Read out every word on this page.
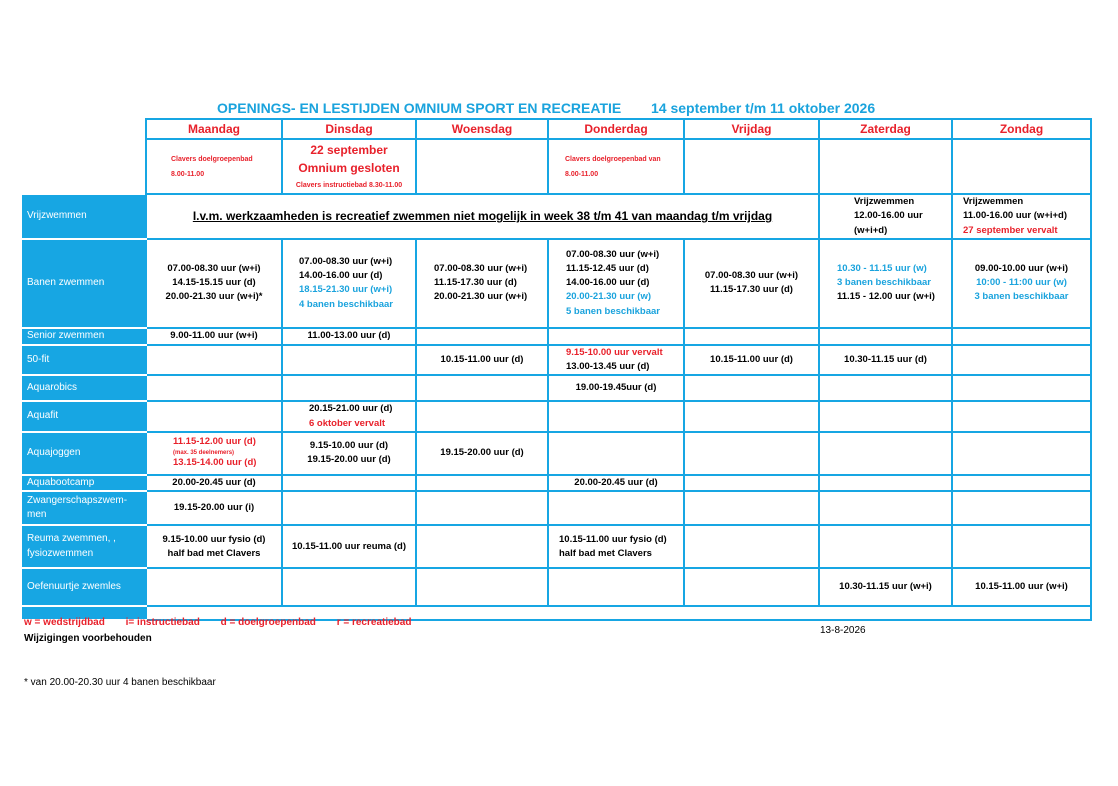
OPENINGS- EN LESTIJDEN OMNIUM SPORT EN RECREATIE 14 september t/m 11 oktober 2026
	Maandag	Dinsdag	Woensdag	Donderdag	Vrijdag	Zaterdag	Zondag
	Clavers doelgroepenbad
8.00-11.00	22 september
Omnium gesloten
Clavers instructiebad 8.30-11.00		Clavers doelgroepenbad van
8.00-11.00			
Vrijzwemmen	I.v.m. werkzaamheden is recreatief zwemmen niet mogelijk in week 38 t/m 41 van maandag t/m vrijdag					Vrijzwemmen
12.00-16.00 uur
(w+i+d)	Vrijzwemmen
11.00-16.00 uur (w+i+d)
27 september vervalt

Banen zwemmen	07.00-08.30 uur (w+i)
14.15-15.15 uur (d)
20.00-21.30 uur (w+i)*	07.00-08.30 uur (w+i)
14.00-16.00 uur (d)
18.15-21.30 uur (w+i)
4 banen beschikbaar	07.00-08.30 uur (w+i)
11.15-17.30 uur (d)
20.00-21.30 uur (w+i)	07.00-08.30 uur (w+i)
11.15-12.45 uur (d)
14.00-16.00 uur (d)
20.00-21.30 uur (w)
5 banen beschikbaar	07.00-08.30 uur (w+i)
11.15-17.30 uur (d)	10.30 - 11.15 uur (w)
3 banen beschikbaar
11.15 - 12.00 uur (w+i)	09.00-10.00 uur (w+i)
10:00 - 11:00 uur (w)
3 banen beschikbaar
Senior zwemmen	9.00-11.00 uur (w+i)	11.00-13.00 uur (d)					
50-fit			10.15-11.00 uur (d)	9.15-10.00 uur vervalt
13.00-13.45 uur (d)	10.15-11.00 uur (d)	10.30-11.15 uur (d)	
Aquarobics				19.00-19.45uur (d)			
Aquafit		20.15-21.00 uur (d)
6 oktober vervalt					

Aquajoggen	11.15-12.00 uur (d)
(max. 35 deelnemers)
13.15-14.00 uur (d)	9.15-10.00 uur (d)
19.15-20.00 uur (d)	19.15-20.00 uur (d)				
Aquabootcamp	20.00-20.45 uur (d)			20.00-20.45 uur (d)			
Zwangerschapszwem-men	19.15-20.00 uur (i)						
Reuma zwemmen, , fysiozwemmen	9.15-10.00 uur fysio (d)
half bad met Clavers	10.15-11.00 uur reuma (d)		10.15-11.00 uur fysio (d)
half bad met Clavers			

Oefenuurtje zwemles						10.30-11.15 uur (w+i)	10.15-11.00 uur (w+i)

w = wedstrijdbad i= instructiebad d = doelgroepenbad r = recreatiebad
Wijzigingen voorbehouden
13-8-2026
* van 20.00-20.30 uur 4 banen beschikbaar
